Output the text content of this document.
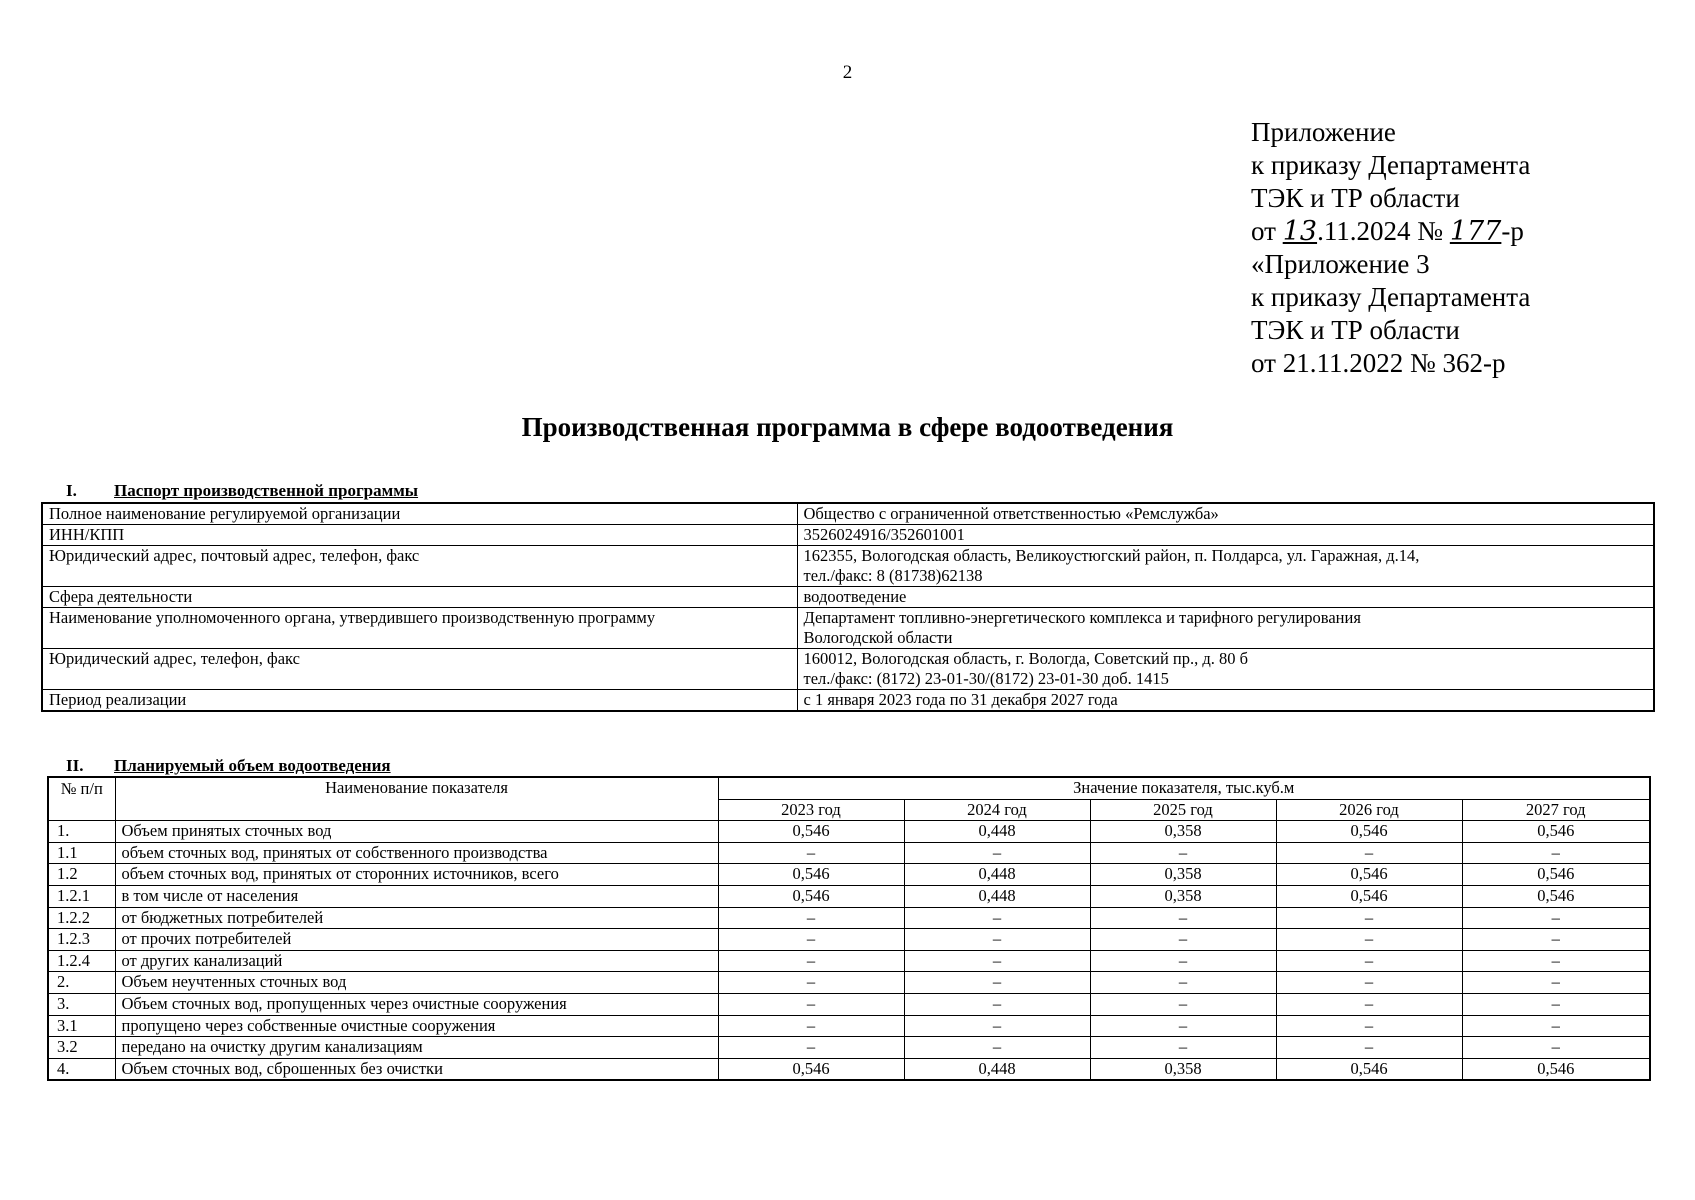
2
Приложение
к приказу Департамента
ТЭК и ТР области
от 13.11.2024 № 177-р
«Приложение 3
к приказу Департамента
ТЭК и ТР области
от 21.11.2022 № 362-р
Производственная программа в сфере водоотведения
I. Паспорт производственной программы
Полное наименование регулируемой организации	Общество с ограниченной ответственностью «Ремслужба»

ИНН/КПП	3526024916/352601001

Юридический адрес, почтовый адрес, телефон, факс	162355, Вологодская область, Великоустюгский район, п. Полдарса, ул. Гаражная, д.14,
тел./факс: 8 (81738)62138

Сфера деятельности	водоотведение

Наименование уполномоченного органа, утвердившего производственную программу	Департамент топливно-энергетического комплекса и тарифного регулирования
Вологодской области

Юридический адрес, телефон, факс	160012, Вологодская область, г. Вологда, Советский пр., д. 80 б
тел./факс: (8172) 23-01-30/(8172) 23-01-30 доб. 1415

Период реализации	с 1 января 2023 года по 31 декабря 2027 года
II. Планируемый объем водоотведения
№ п/п	Наименование показателя	Значение показателя, тыс.куб.м				
		2023 год	2024 год	2025 год	2026 год	2027 год
1.	Объем принятых сточных вод	0,546	0,448	0,358	0,546	0,546
1.1	объем сточных вод, принятых от собственного производства	–	–	–	–	–
1.2	объем сточных вод, принятых от сторонних источников, всего	0,546	0,448	0,358	0,546	0,546
1.2.1	в том числе от населения	0,546	0,448	0,358	0,546	0,546
1.2.2	от бюджетных потребителей	–	–	–	–	–
1.2.3	от прочих потребителей	–	–	–	–	–
1.2.4	от других канализаций	–	–	–	–	–
2.	Объем неучтенных сточных вод	–	–	–	–	–
3.	Объем сточных вод, пропущенных через очистные сооружения	–	–	–	–	–
3.1	пропущено через собственные очистные сооружения	–	–	–	–	–
3.2	передано на очистку другим канализациям	–	–	–	–	–
4.	Объем сточных вод, сброшенных без очистки	0,546	0,448	0,358	0,546	0,546
